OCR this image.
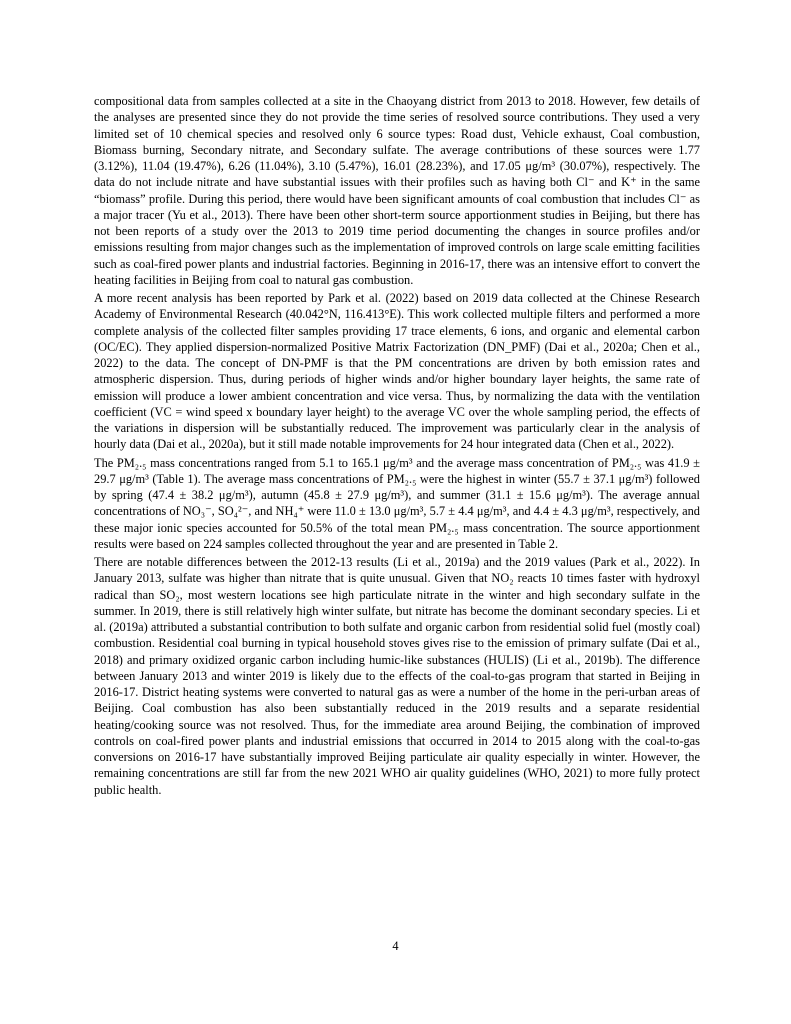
compositional data from samples collected at a site in the Chaoyang district from 2013 to 2018. However, few details of the analyses are presented since they do not provide the time series of resolved source contributions. They used a very limited set of 10 chemical species and resolved only 6 source types: Road dust, Vehicle exhaust, Coal combustion, Biomass burning, Secondary nitrate, and Secondary sulfate. The average contributions of these sources were 1.77 (3.12%), 11.04 (19.47%), 6.26 (11.04%), 3.10 (5.47%), 16.01 (28.23%), and 17.05 μg/m³ (30.07%), respectively. The data do not include nitrate and have substantial issues with their profiles such as having both Cl⁻ and K⁺ in the same “biomass” profile. During this period, there would have been significant amounts of coal combustion that includes Cl⁻ as a major tracer (Yu et al., 2013). There have been other short-term source apportionment studies in Beijing, but there has not been reports of a study over the 2013 to 2019 time period documenting the changes in source profiles and/or emissions resulting from major changes such as the implementation of improved controls on large scale emitting facilities such as coal-fired power plants and industrial factories. Beginning in 2016-17, there was an intensive effort to convert the heating facilities in Beijing from coal to natural gas combustion.

A more recent analysis has been reported by Park et al. (2022) based on 2019 data collected at the Chinese Research Academy of Environmental Research (40.042°N, 116.413°E). This work collected multiple filters and performed a more complete analysis of the collected filter samples providing 17 trace elements, 6 ions, and organic and elemental carbon (OC/EC). They applied dispersion-normalized Positive Matrix Factorization (DN_PMF) (Dai et al., 2020a; Chen et al., 2022) to the data. The concept of DN-PMF is that the PM concentrations are driven by both emission rates and atmospheric dispersion. Thus, during periods of higher winds and/or higher boundary layer heights, the same rate of emission will produce a lower ambient concentration and vice versa. Thus, by normalizing the data with the ventilation coefficient (VC = wind speed x boundary layer height) to the average VC over the whole sampling period, the effects of the variations in dispersion will be substantially reduced. The improvement was particularly clear in the analysis of hourly data (Dai et al., 2020a), but it still made notable improvements for 24 hour integrated data (Chen et al., 2022).

The PM₂.₅ mass concentrations ranged from 5.1 to 165.1 μg/m³ and the average mass concentration of PM₂.₅ was 41.9 ± 29.7 μg/m³ (Table 1). The average mass concentrations of PM₂.₅ were the highest in winter (55.7 ± 37.1 μg/m³) followed by spring (47.4 ± 38.2 μg/m³), autumn (45.8 ± 27.9 μg/m³), and summer (31.1 ± 15.6 μg/m³). The average annual concentrations of NO₃⁻, SO₄²⁻, and NH₄⁺ were 11.0 ± 13.0 μg/m³, 5.7 ± 4.4 μg/m³, and 4.4 ± 4.3 μg/m³, respectively, and these major ionic species accounted for 50.5% of the total mean PM₂.₅ mass concentration. The source apportionment results were based on 224 samples collected throughout the year and are presented in Table 2.

There are notable differences between the 2012-13 results (Li et al., 2019a) and the 2019 values (Park et al., 2022). In January 2013, sulfate was higher than nitrate that is quite unusual. Given that NO₂ reacts 10 times faster with hydroxyl radical than SO₂, most western locations see high particulate nitrate in the winter and high secondary sulfate in the summer. In 2019, there is still relatively high winter sulfate, but nitrate has become the dominant secondary species. Li et al. (2019a) attributed a substantial contribution to both sulfate and organic carbon from residential solid fuel (mostly coal) combustion. Residential coal burning in typical household stoves gives rise to the emission of primary sulfate (Dai et al., 2018) and primary oxidized organic carbon including humic-like substances (HULIS) (Li et al., 2019b). The difference between January 2013 and winter 2019 is likely due to the effects of the coal-to-gas program that started in Beijing in 2016-17. District heating systems were converted to natural gas as were a number of the home in the peri-urban areas of Beijing. Coal combustion has also been substantially reduced in the 2019 results and a separate residential heating/cooking source was not resolved. Thus, for the immediate area around Beijing, the combination of improved controls on coal-fired power plants and industrial emissions that occurred in 2014 to 2015 along with the coal-to-gas conversions on 2016-17 have substantially improved Beijing particulate air quality especially in winter. However, the remaining concentrations are still far from the new 2021 WHO air quality guidelines (WHO, 2021) to more fully protect public health.

4
